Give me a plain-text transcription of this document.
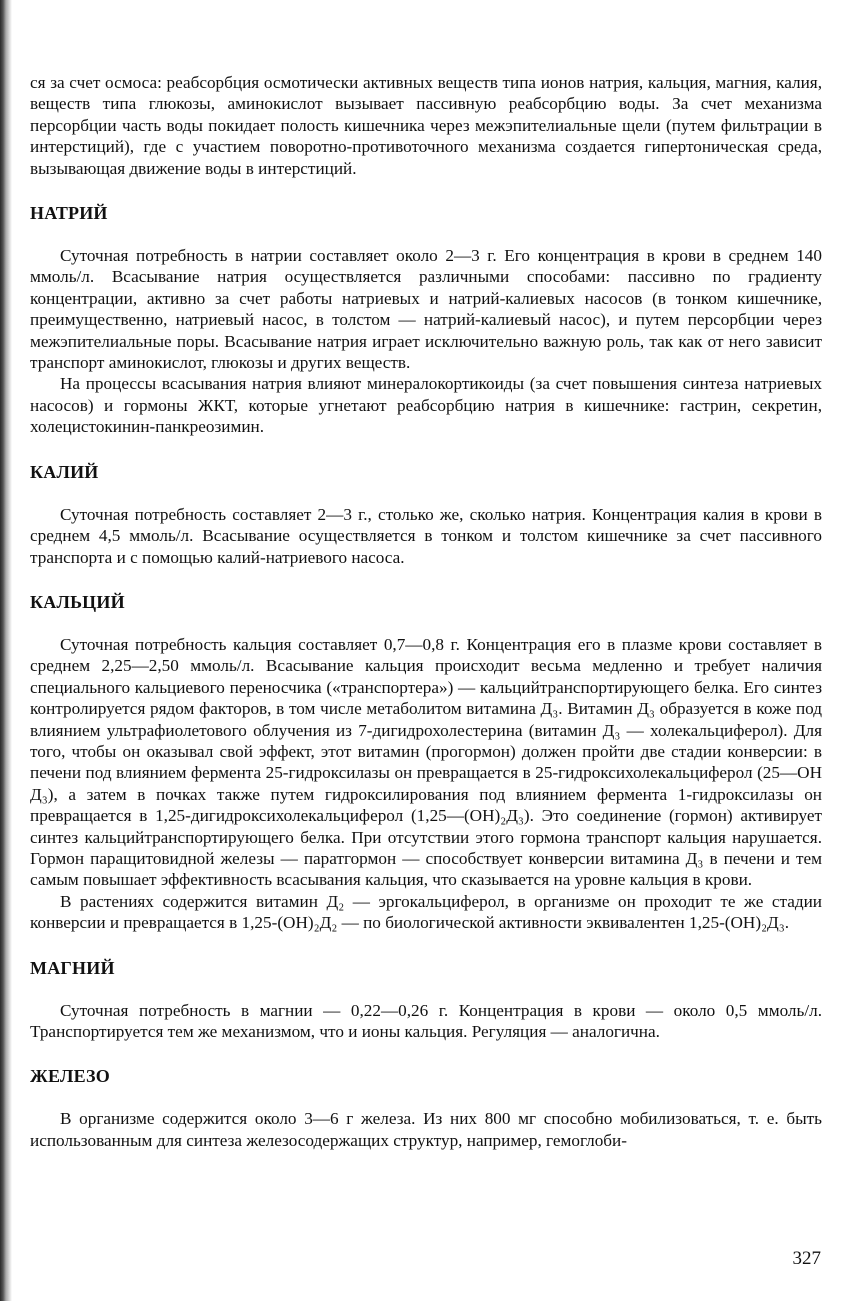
ся за счет осмоса: реабсорбция осмотически активных веществ типа ионов натрия, кальция, магния, калия, веществ типа глюкозы, аминокислот вызывает пассивную реабсорбцию воды. За счет механизма персорбции часть воды покидает полость кишечника через межэпителиальные щели (путем фильтрации в интерстиций), где с участием поворотно-противоточного механизма создается гипертоническая среда, вызывающая движение воды в интерстиций.

НАТРИЙ

Суточная потребность в натрии составляет около 2—3 г. Его концентрация в крови в среднем 140 ммоль/л. Всасывание натрия осуществляется различными способами: пассивно по градиенту концентрации, активно за счет работы натриевых и натрий-калиевых насосов (в тонком кишечнике, преимущественно, натриевый насос, в толстом — натрий-калиевый насос), и путем персорбции через межэпителиальные поры. Всасывание натрия играет исключительно важную роль, так как от него зависит транспорт аминокислот, глюкозы и других веществ.

На процессы всасывания натрия влияют минералокортикоиды (за счет повышения синтеза натриевых насосов) и гормоны ЖКТ, которые угнетают реабсорбцию натрия в кишечнике: гастрин, секретин, холецистокинин-панкреозимин.

КАЛИЙ

Суточная потребность составляет 2—3 г., столько же, сколько натрия. Концентрация калия в крови в среднем 4,5 ммоль/л. Всасывание осуществляется в тонком и толстом кишечнике за счет пассивного транспорта и с помощью калий-натриевого насоса.

КАЛЬЦИЙ

Суточная потребность кальция составляет 0,7—0,8 г. Концентрация его в плазме крови составляет в среднем 2,25—2,50 ммоль/л. Всасывание кальция происходит весьма медленно и требует наличия специального кальциевого переносчика («транспортера») — кальцийтранспортирующего белка. Его синтез контролируется рядом факторов, в том числе метаболитом витамина Д₃. Витамин Д₃ образуется в коже под влиянием ультрафиолетового облучения из 7-дигидрохолестерина (витамин Д₃ — холекальциферол). Для того, чтобы он оказывал свой эффект, этот витамин (прогормон) должен пройти две стадии конверсии: в печени под влиянием фермента 25-гидроксилазы он превращается в 25-гидроксихолекальциферол (25—ОН Д₃), а затем в почках также путем гидроксилирования под влиянием фермента 1-гидроксилазы он превращается в 1,25-дигидроксихолекальциферол (1,25—(ОН)₂Д₃). Это соединение (гормон) активирует синтез кальцийтранспортирующего белка. При отсутствии этого гормона транспорт кальция нарушается. Гормон паращитовидной железы — паратгормон — способствует конверсии витамина Д₃ в печени и тем самым повышает эффективность всасывания кальция, что сказывается на уровне кальция в крови.

В растениях содержится витамин Д₂ — эргокальциферол, в организме он проходит те же стадии конверсии и превращается в 1,25-(ОН)₂Д₂ — по биологической активности эквивалентен 1,25-(ОН)₂Д₃.

МАГНИЙ

Суточная потребность в магнии — 0,22—0,26 г. Концентрация в крови — около 0,5 ммоль/л. Транспортируется тем же механизмом, что и ионы кальция. Регуляция — аналогична.

ЖЕЛЕЗО

В организме содержится около 3—6 г железа. Из них 800 мг способно мобилизоваться, т. е. быть использованным для синтеза железосодержащих структур, например, гемоглоби-

327
